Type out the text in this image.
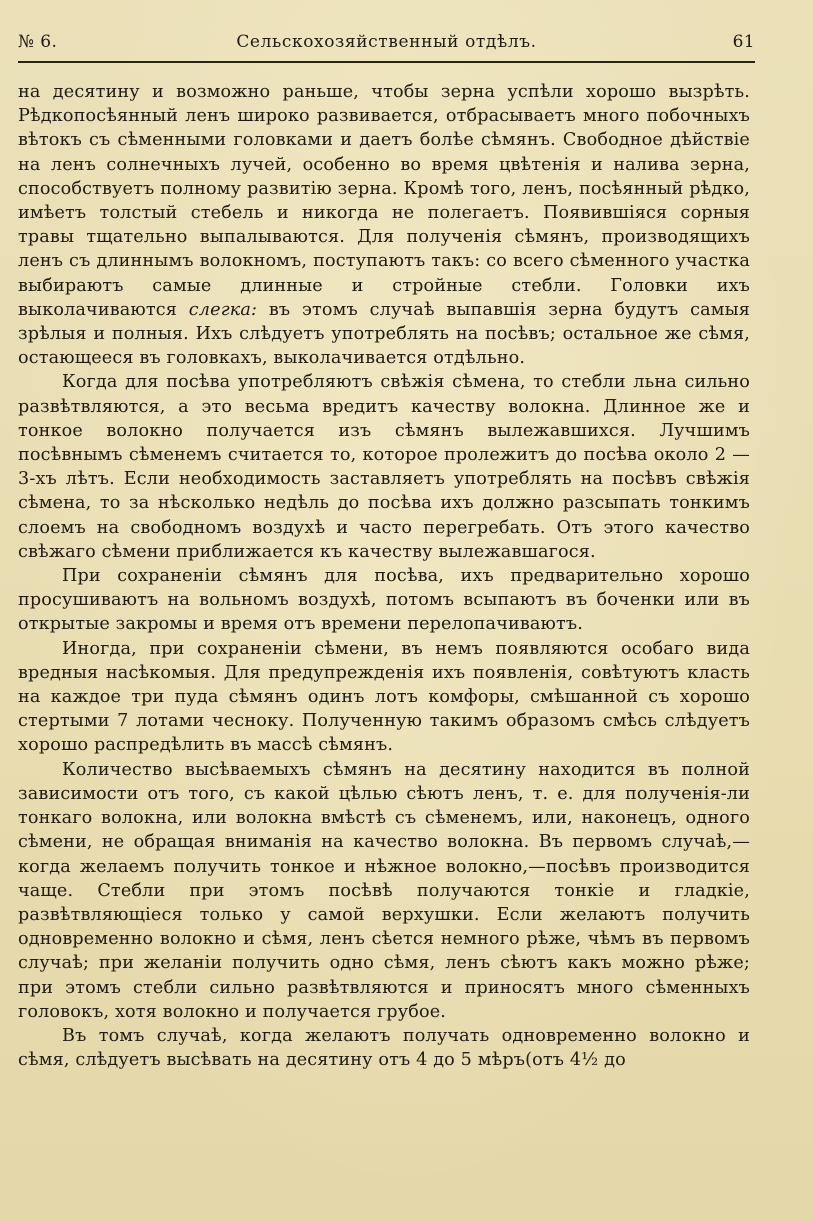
№ 6.	Сельскохозяйственный отдѣлъ.	61

на десятину и возможно раньше, чтобы зерна успѣли хорошо вызрѣть. Рѣдкопосѣянный ленъ широко развивается, отбрасываетъ много побочныхъ вѣтокъ съ сѣменными головками и даетъ болѣе сѣмянъ. Свободное дѣйствіе на ленъ солнечныхъ лучей, особенно во время цвѣтенія и налива зерна, способствуетъ полному развитію зерна. Кромѣ того, ленъ, посѣянный рѣдко, имѣетъ толстый стебель и никогда не полегаетъ. Появившіяся сорныя травы тщательно выпалываются. Для полученія сѣмянъ, производящихъ ленъ съ длиннымъ волокномъ, поступаютъ такъ: со всего сѣменного участка выбираютъ самые длинные и стройные стебли. Головки ихъ выколачиваются слегка: въ этомъ случаѣ выпавшія зерна будутъ самыя зрѣлыя и полныя. Ихъ слѣдуетъ употреблять на посѣвъ; остальное же сѣмя, остающееся въ головкахъ, выколачивается отдѣльно.

Когда для посѣва употребляютъ свѣжія сѣмена, то стебли льна сильно развѣтвляются, а это весьма вредитъ качеству волокна. Длинное же и тонкое волокно получается изъ сѣмянъ вылежавшихся. Лучшимъ посѣвнымъ сѣменемъ считается то, которое пролежитъ до посѣва около 2 —3-хъ лѣтъ. Если необходимость заставляетъ употреблять на посѣвъ свѣжія сѣмена, то за нѣсколько недѣль до посѣва ихъ должно разсыпать тонкимъ слоемъ на свободномъ воздухѣ и часто перегребать. Отъ этого качество свѣжаго сѣмени приближается къ качеству вылежавшагося.

При сохраненіи сѣмянъ для посѣва, ихъ предварительно хорошо просушиваютъ на вольномъ воздухѣ, потомъ всыпаютъ въ боченки или въ открытые закромы и время отъ времени перелопачиваютъ.

Иногда, при сохраненіи сѣмени, въ немъ появляются особаго вида вредныя насѣкомыя. Для предупрежденія ихъ появленія, совѣтуютъ класть на каждое три пуда сѣмянъ одинъ лотъ комфоры, смѣшанной съ хорошо стертыми 7 лотами чесноку. Полученную такимъ образомъ смѣсь слѣдуетъ хорошо распредѣлить въ массѣ сѣмянъ.

Количество высѣваемыхъ сѣмянъ на десятину находится въ полной зависимости отъ того, съ какой цѣлью сѣютъ ленъ, т. е. для полученія-ли тонкаго волокна, или волокна вмѣстѣ съ сѣменемъ, или, наконецъ, одного сѣмени, не обращая вниманія на качество волокна. Въ первомъ случаѣ,—когда желаемъ получить тонкое и нѣжное волокно,—посѣвъ производится чаще. Стебли при этомъ посѣвѣ получаются тонкіе и гладкіе, развѣтвляющіеся только у самой верхушки. Если желаютъ получить одновременно волокно и сѣмя, ленъ сѣется немного рѣже, чѣмъ въ первомъ случаѣ; при желаніи получить одно сѣмя, ленъ сѣютъ какъ можно рѣже; при этомъ стебли сильно развѣтвляются и приносятъ много сѣменныхъ головокъ, хотя волокно и получается грубое.

Въ томъ случаѣ, когда желаютъ получать одновременно волокно и сѣмя, слѣдуетъ высѣвать на десятину отъ 4 до 5 мѣръ(отъ 4½ до
